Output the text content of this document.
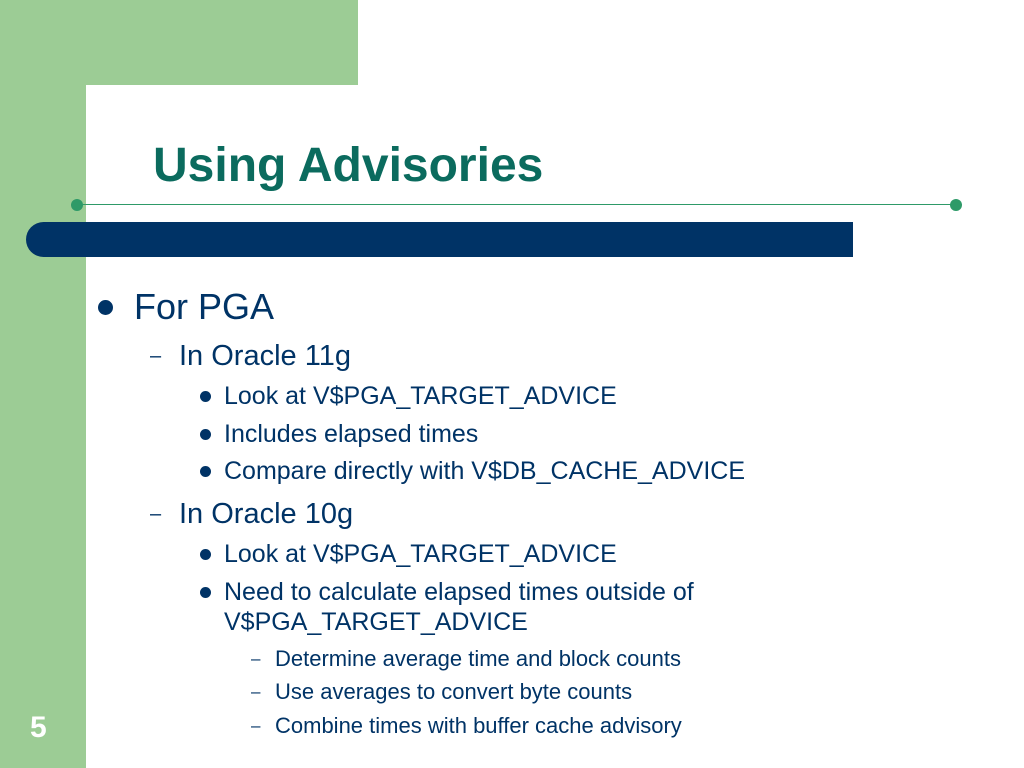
Using Advisories
For PGA
– In Oracle 11g
Look at V$PGA_TARGET_ADVICE
Includes elapsed times
Compare directly with V$DB_CACHE_ADVICE
– In Oracle 10g
Look at V$PGA_TARGET_ADVICE
Need to calculate elapsed times outside of
V$PGA_TARGET_ADVICE
– Determine average time and block counts
– Use averages to convert byte counts
– Combine times with buffer cache advisory
5
